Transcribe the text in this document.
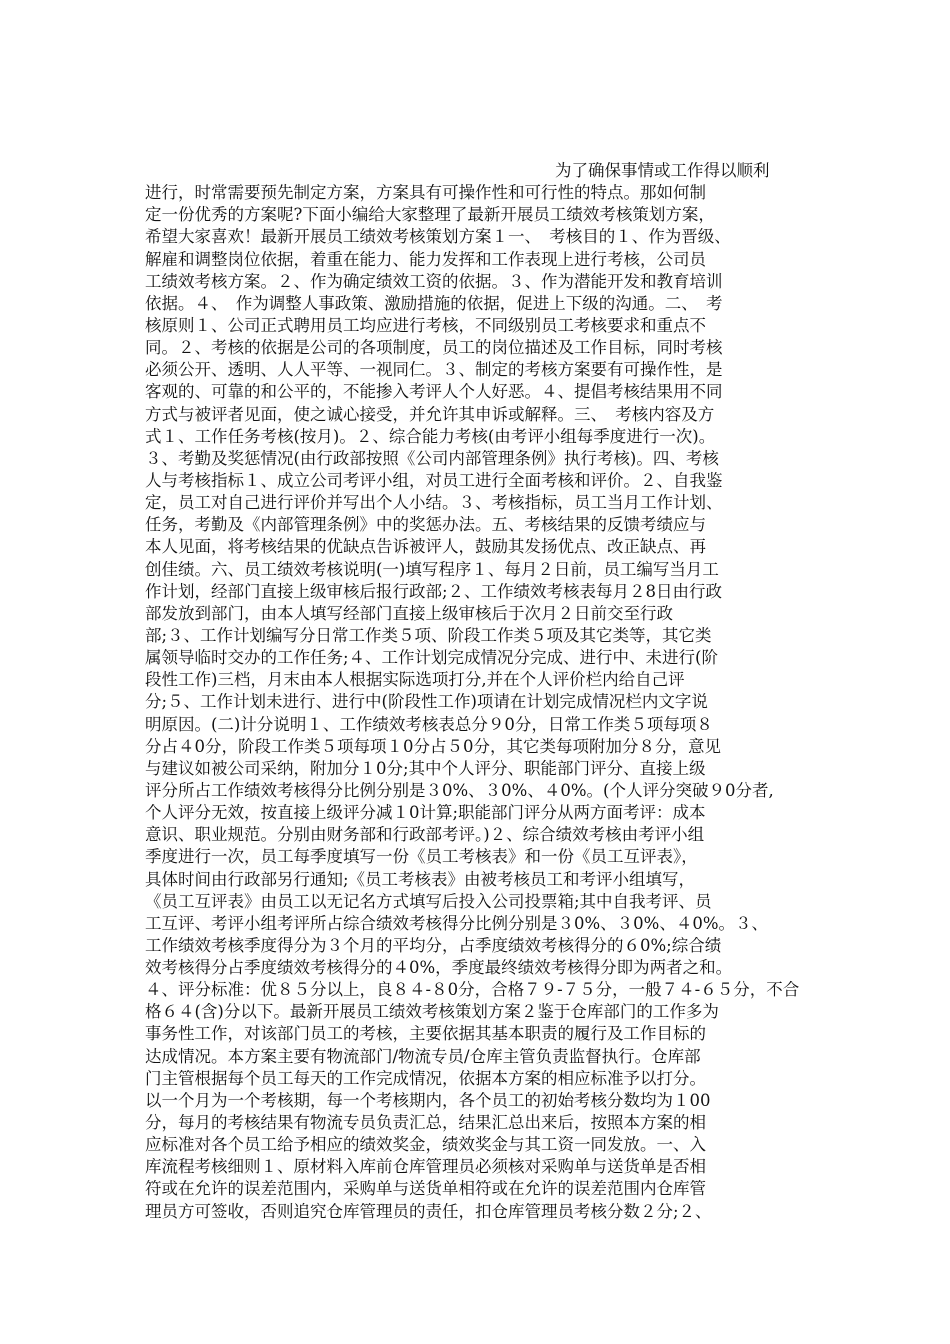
为了确保事情或工作得以顺利
进行，时常需要预先制定方案，方案具有可操作性和可行性的特点。那如何制
定一份优秀的方案呢?下面小编给大家整理了最新开展员工绩效考核策划方案，
希望大家喜欢！最新开展员工绩效考核策划方案１一、　考核目的１、作为晋级、
解雇和调整岗位依据，着重在能力、能力发挥和工作表现上进行考核，公司员
工绩效考核方案。２、作为确定绩效工资的依据。３、作为潜能开发和教育培训
依据。４、　作为调整人事政策、激励措施的依据，促进上下级的沟通。二、　考
核原则１、公司正式聘用员工均应进行考核，不同级别员工考核要求和重点不
同。２、考核的依据是公司的各项制度，员工的岗位描述及工作目标，同时考核
必须公开、透明、人人平等、一视同仁。３、制定的考核方案要有可操作性，是
客观的、可靠的和公平的，不能掺入考评人个人好恶。４、提倡考核结果用不同
方式与被评者见面，使之诚心接受，并允许其申诉或解释。三、　考核内容及方
式１、工作任务考核(按月)。２、综合能力考核(由考评小组每季度进行一次)。
３、考勤及奖惩情况(由行政部按照《公司内部管理条例》执行考核)。四、考核
人与考核指标１、成立公司考评小组，对员工进行全面考核和评价。２、自我鉴
定，员工对自己进行评价并写出个人小结。３、考核指标，员工当月工作计划、
任务，考勤及《内部管理条例》中的奖惩办法。五、考核结果的反馈考绩应与
本人见面，将考核结果的优缺点告诉被评人，鼓励其发扬优点、改正缺点、再
创佳绩。六、员工绩效考核说明(一)填写程序１、每月２日前，员工编写当月工
作计划，经部门直接上级审核后报行政部;２、工作绩效考核表每月２8日由行政
部发放到部门，由本人填写经部门直接上级审核后于次月２日前交至行政
部;３、工作计划编写分日常工作类５项、阶段工作类５项及其它类等，其它类
属领导临时交办的工作任务;４、工作计划完成情况分完成、进行中、未进行(阶
段性工作)三档，月末由本人根据实际选项打分,并在个人评价栏内给自己评
分;５、工作计划未进行、进行中(阶段性工作)项请在计划完成情况栏内文字说
明原因。(二)计分说明１、工作绩效考核表总分９0分，日常工作类５项每项８
分占４0分，阶段工作类５项每项１0分占５0分，其它类每项附加分８分，意见
与建议如被公司采纳，附加分１0分;其中个人评分、职能部门评分、直接上级
评分所占工作绩效考核得分比例分别是３0%、３0%、４0%。(个人评分突破９0分者,
个人评分无效，按直接上级评分减１0计算;职能部门评分从两方面考评：成本
意识、职业规范。分别由财务部和行政部考评。)２、综合绩效考核由考评小组
季度进行一次，员工每季度填写一份《员工考核表》和一份《员工互评表》，
具体时间由行政部另行通知;《员工考核表》由被考核员工和考评小组填写，
《员工互评表》由员工以无记名方式填写后投入公司投票箱;其中自我考评、员
工互评、考评小组考评所占综合绩效考核得分比例分别是３0%、３0%、４0%。３、
工作绩效考核季度得分为３个月的平均分，占季度绩效考核得分的６0%;综合绩
效考核得分占季度绩效考核得分的４0%，季度最终绩效考核得分即为两者之和。
４、评分标准：优８５分以上，良８４-８0分，合格７９-７５分，一般７４-６５分，不合
格６４(含)分以下。最新开展员工绩效考核策划方案２鉴于仓库部门的工作多为
事务性工作，对该部门员工的考核，主要依据其基本职责的履行及工作目标的
达成情况。本方案主要有物流部门/物流专员/仓库主管负责监督执行。仓库部
门主管根据每个员工每天的工作完成情况，依据本方案的相应标准予以打分。
以一个月为一个考核期，每一个考核期内，各个员工的初始考核分数均为１00
分，每月的考核结果有物流专员负责汇总，结果汇总出来后，按照本方案的相
应标准对各个员工给予相应的绩效奖金，绩效奖金与其工资一同发放。一、入
库流程考核细则１、原材料入库前仓库管理员必须核对采购单与送货单是否相
符或在允许的误差范围内，采购单与送货单相符或在允许的误差范围内仓库管
理员方可签收，否则追究仓库管理员的责任，扣仓库管理员考核分数２分;２、
